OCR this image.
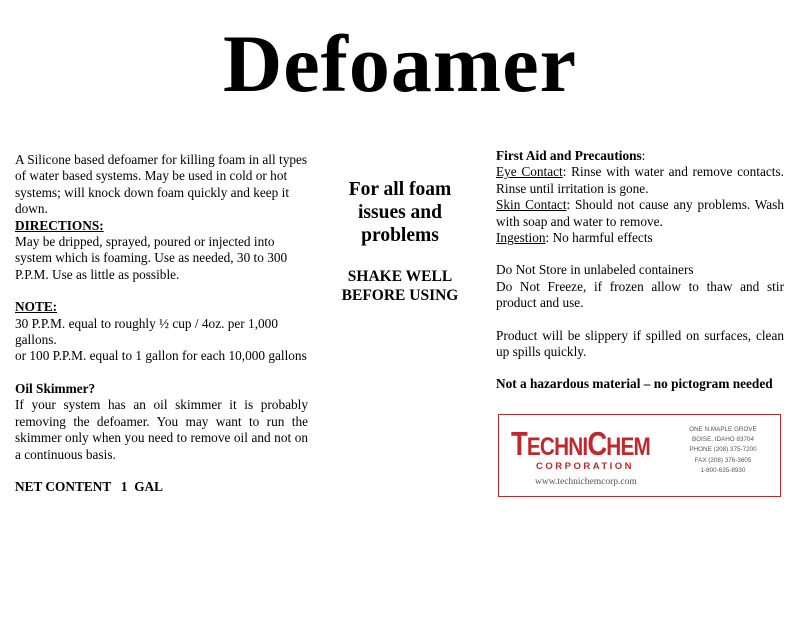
Defoamer

A Silicone based defoamer for killing foam in all types of water based systems. May be used in cold or hot systems; will knock down foam quickly and keep it down.

DIRECTIONS:

May be dripped, sprayed, poured or injected into system which is foaming. Use as needed, 30 to 300 P.P.M. Use as little as possible.

NOTE:

30 P.P.M. equal to roughly ½ cup / 4oz. per 1,000 gallons.

or 100 P.P.M. equal to 1 gallon for each 10,000 gallons

Oil Skimmer?

If your system has an oil skimmer it is probably removing the defoamer. You may want to run the skimmer only when you need to remove oil and not on a continuous basis.

NET CONTENT   1  GAL

For all foam issues and problems
SHAKE WELL BEFORE USING

First Aid and Precautions:

Eye Contact: Rinse with water and remove contacts. Rinse until irritation is gone.

Skin Contact: Should not cause any problems. Wash with soap and water to remove.

Ingestion: No harmful effects

Do Not Store in unlabeled containers

Do Not Freeze, if frozen allow to thaw and stir product and use.

Product will be slippery if spilled on surfaces, clean up spills quickly.

Not a hazardous material – no pictogram needed

TECHNICHEM
CORPORATION
www.technichemcorp.com
ONE N.MAPLE GROVE
BOISE, IDAHO 83704
PHONE (208) 375-7200
FAX (208) 376-3605
1-800-635-8930
